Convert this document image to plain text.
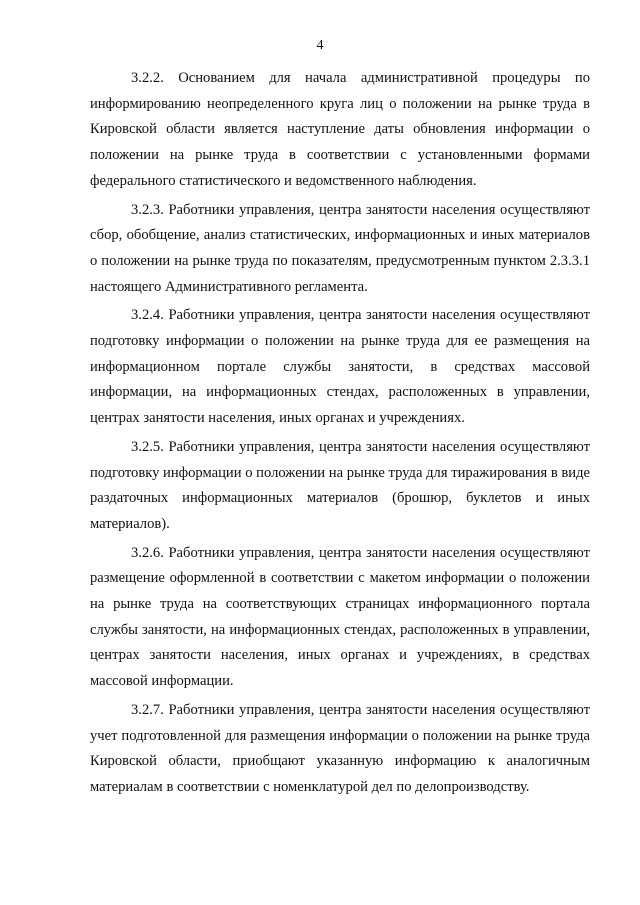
4

3.2.2. Основанием для начала административной процедуры по информированию неопределенного круга лиц о положении на рынке труда в Кировской области является наступление даты обновления информации о положении на рынке труда в соответствии с установленными формами федерального статистического и ведомственного наблюдения.

3.2.3. Работники управления, центра занятости населения осуществляют сбор, обобщение, анализ статистических, информационных и иных материалов о положении на рынке труда по показателям, предусмотренным пунктом 2.3.3.1 настоящего Административного регламента.

3.2.4. Работники управления, центра занятости населения осуществляют подготовку информации о положении на рынке труда для ее размещения на информационном портале службы занятости, в средствах массовой информации, на информационных стендах, расположенных в управлении, центрах занятости населения, иных органах и учреждениях.

3.2.5. Работники управления, центра занятости населения осуществляют подготовку информации о положении на рынке труда для тиражирования в виде раздаточных информационных материалов (брошюр, буклетов и иных материалов).

3.2.6. Работники управления, центра занятости населения осуществляют размещение оформленной в соответствии с макетом информации о положении на рынке труда на соответствующих страницах информационного портала службы занятости, на информационных стендах, расположенных в управлении, центрах занятости населения, иных органах и учреждениях, в средствах массовой информации.

3.2.7. Работники управления, центра занятости населения осуществляют учет подготовленной для размещения информации о положении на рынке труда Кировской области, приобщают указанную информацию к аналогичным материалам в соответствии с номенклатурой дел по делопроизводству.
